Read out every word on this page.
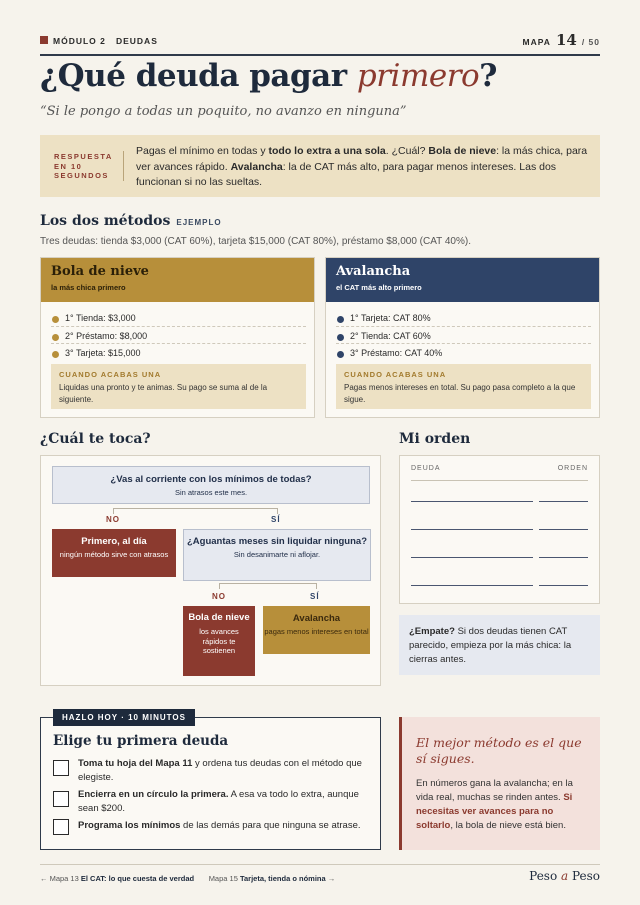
MÓDULO 2 DEUDAS	MAPA 14 / 50
¿Qué deuda pagar primero?
“Si le pongo a todas un poquito, no avanzo en ninguna”
RESPUESTA
EN 10
SEGUNDOS
Pagas el mínimo en todas y todo lo extra a una sola. ¿Cuál? Bola de nieve: la más chica, para ver avances rápido. Avalancha: la de CAT más alto, para pagar menos intereses. Las dos funcionan si no las sueltas.
Los dos métodos EJEMPLO
Tres deudas: tienda $3,000 (CAT 60%), tarjeta $15,000 (CAT 80%), préstamo $8,000 (CAT 40%).
Bola de nieve
la más chica primero
1° Tienda: $3,000
2° Préstamo: $8,000
3° Tarjeta: $15,000
CUANDO ACABAS UNA
Liquidas una pronto y te animas. Su pago se suma al de la siguiente.
Avalancha
el CAT más alto primero
1° Tarjeta: CAT 80%
2° Tienda: CAT 60%
3° Préstamo: CAT 40%
CUANDO ACABAS UNA
Pagas menos intereses en total. Su pago pasa completo a la que sigue.
¿Cuál te toca?
¿Vas al corriente con los mínimos de todas?
Sin atrasos este mes.
NO	SÍ
Primero, al día
ningún método sirve con atrasos
¿Aguantas meses sin liquidar ninguna?
Sin desanimarte ni aflojar.
NO	SÍ
Bola de nieve
los avances rápidos te sostienen
Avalancha
pagas menos intereses en total
Mi orden
DEUDA	ORDEN
¿Empate? Si dos deudas tienen CAT parecido, empieza por la más chica: la cierras antes.
HAZLO HOY · 10 MINUTOS
Elige tu primera deuda
Toma tu hoja del Mapa 11 y ordena tus deudas con el método que elegiste.
Encierra en un círculo la primera. A esa va todo lo extra, aunque sean $200.
Programa los mínimos de las demás para que ninguna se atrase.
El mejor método es el que sí sigues.
En números gana la avalancha; en la vida real, muchas se rinden antes. Si necesitas ver avances para no soltarlo, la bola de nieve está bien.
← Mapa 13 El CAT: lo que cuesta de verdad Mapa 15 Tarjeta, tienda o nómina →	Peso a Peso
